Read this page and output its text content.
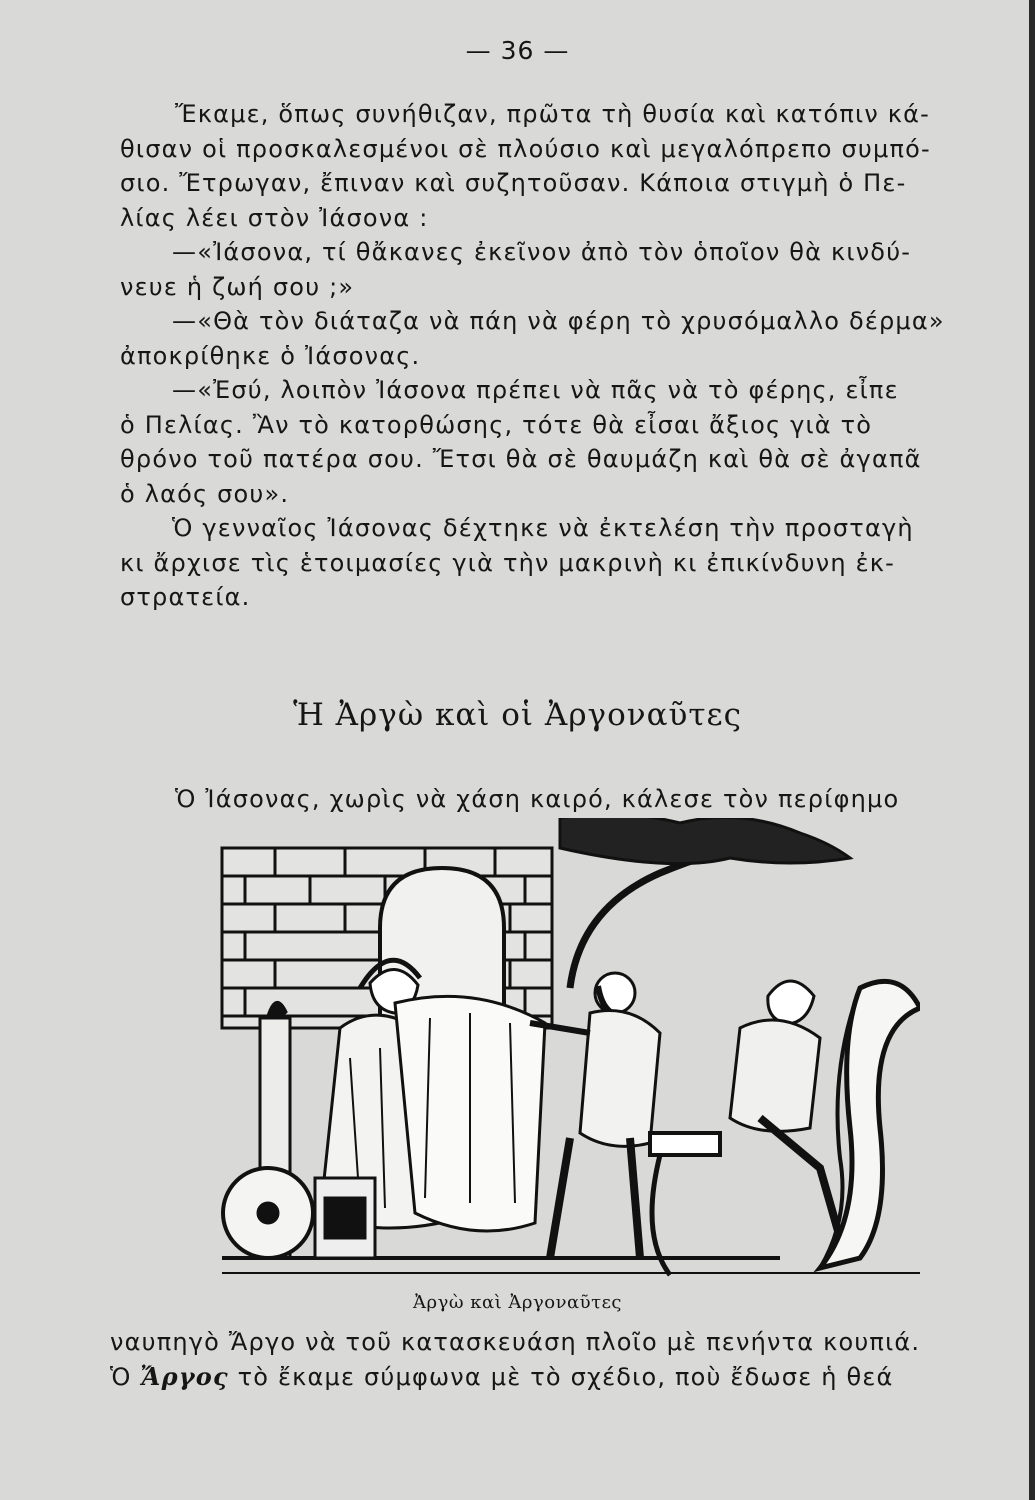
— 36 —
Ἔκαμε, ὅπως συνήθιζαν, πρῶτα τὴ θυσία καὶ κατόπιν κά-
θισαν οἱ προσκαλεσμένοι σὲ πλούσιο καὶ μεγαλόπρεπο συμπό-
σιο. Ἔτρωγαν, ἔπιναν καὶ συζητοῦσαν. Κάποια στιγμὴ ὁ Πε-
λίας λέει στὸν Ἰάσονα :
—«Ἰάσονα, τί θἄκανες ἐκεῖνον ἀπὸ τὸν ὁποῖον θὰ κινδύ-
νευε ἡ ζωή σου ;»
—«Θὰ τὸν διάταζα νὰ πάη νὰ φέρη τὸ χρυσόμαλλο δέρμα»
ἀποκρίθηκε ὁ Ἰάσονας.
—«Ἐσύ, λοιπὸν Ἰάσονα πρέπει νὰ πᾶς νὰ τὸ φέρης, εἶπε
ὁ Πελίας. Ἂν τὸ κατορθώσης, τότε θὰ εἶσαι ἄξιος γιὰ τὸ
θρόνο τοῦ πατέρα σου. Ἔτσι θὰ σὲ θαυμάζη καὶ θὰ σὲ ἀγαπᾶ
ὁ λαός σου».
Ὁ γενναῖος Ἰάσονας δέχτηκε νὰ ἐκτελέση τὴν προσταγὴ
κι ἄρχισε τὶς ἑτοιμασίες γιὰ τὴν μακρινὴ κι ἐπικίνδυνη ἐκ-
στρατεία.
Ἡ Ἀργὼ καὶ οἱ Ἀργοναῦτες
Ὁ Ἰάσονας, χωρὶς νὰ χάση καιρό, κάλεσε τὸν περίφημο
Ἀργὼ καὶ Ἀργοναῦτες
ναυπηγὸ Ἄργο νὰ τοῦ κατασκευάση πλοῖο μὲ πενήντα κουπιά.
Ὁ Ἄργος τὸ ἔκαμε σύμφωνα μὲ τὸ σχέδιο, ποὺ ἔδωσε ἡ θεά
